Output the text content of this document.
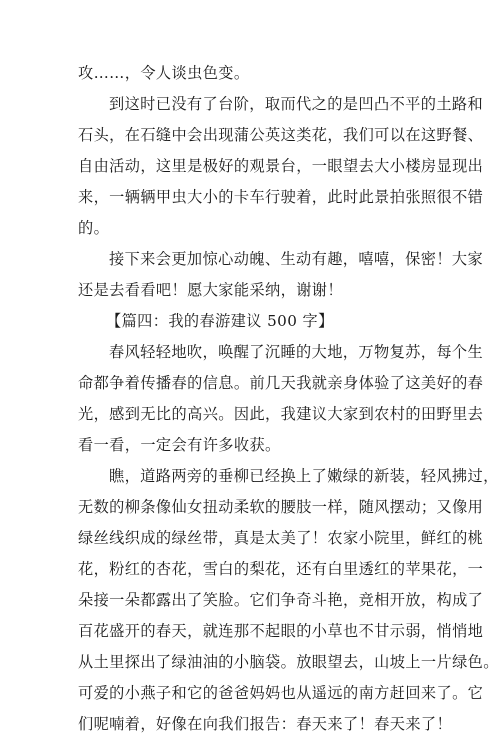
攻……，令人谈虫色变。
到这时已没有了台阶，取而代之的是凹凸不平的土路和
石头，在石缝中会出现蒲公英这类花，我们可以在这野餐、
自由活动，这里是极好的观景台，一眼望去大小楼房显现出
来，一辆辆甲虫大小的卡车行驶着，此时此景拍张照很不错
的。
接下来会更加惊心动魄、生动有趣，嘻嘻，保密！大家
还是去看看吧！愿大家能采纳，谢谢！
【篇四：我的春游建议 500 字】
春风轻轻地吹，唤醒了沉睡的大地，万物复苏，每个生
命都争着传播春的信息。前几天我就亲身体验了这美好的春
光，感到无比的高兴。因此，我建议大家到农村的田野里去
看一看，一定会有许多收获。
瞧，道路两旁的垂柳已经换上了嫩绿的新装，轻风拂过，
无数的柳条像仙女扭动柔软的腰肢一样，随风摆动；又像用
绿丝线织成的绿丝带，真是太美了！农家小院里，鲜红的桃
花，粉红的杏花，雪白的梨花，还有白里透红的苹果花，一
朵接一朵都露出了笑脸。它们争奇斗艳，竞相开放，构成了
百花盛开的春天，就连那不起眼的小草也不甘示弱，悄悄地
从土里探出了绿油油的小脑袋。放眼望去，山坡上一片绿色。
可爱的小燕子和它的爸爸妈妈也从遥远的南方赶回来了。它
们呢喃着，好像在向我们报告：春天来了！春天来了！
